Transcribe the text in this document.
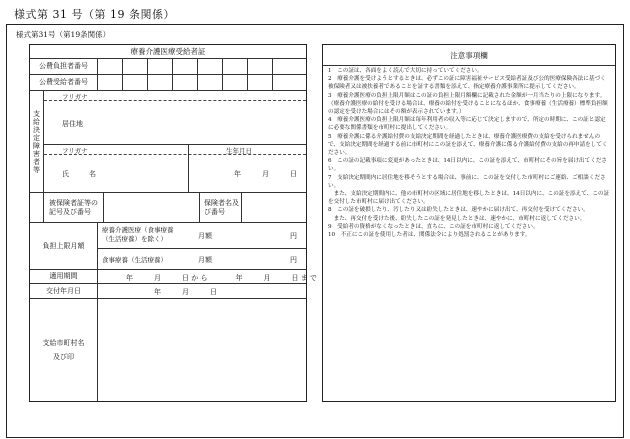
様式第 31 号（第 19 条関係）
様式第31号（第19条関係）
療養介護医療受給者証
公費負担者番号
公費受給者番号
支給決定障害者等
フリガナ
居住地
フリガナ	生年月日
氏　　名	年	月	日
被保険者証等の記号及び番号
保険者名及び番号
負担上限月額
療養介護医療（食事療養（生活療養）を除く）	月額	円
食事療養（生活療養）	月額	円
適用期間	年　　　月　　　日 か ら　　　　年　　　月　　　日 ま で
交付年月日	年　　　月　　　日
支給市町村名
及び印
注意事項欄

1　この証は、各面をよく読んで大切に持っていてください。

2　療養介護を受けようとするときは、必ずこの証に障害福祉サービス受給者証及び公的医療保険各法に基づく被保険者又は被扶養者であることを証する書類を添えて、指定療養介護事業所に提示してください。

3　療養介護医療の負担上限月額はこの証の負担上限月額欄に記載された金額が一月当たりの上限になります。（療養介護医療の給付を受ける場合は、療養の給付を受けることになるほか、食事療養（生活療養）標準負担額の認定を受けた場合にはその額が表示されています。）

4　療養介護医療の負担上限月額は毎年利用者の収入等に応じて決定しますので、所定の時期に、この証と認定に必要な関係書類を市町村に提出してください。

5　療養介護に係る介護給付費の支給決定期間を経過したときは、療養介護医療費の支給を受けられませんので、支給決定期間を経過する前に市町村にこの証を添えて、療養介護に係る介護給付費の支給の再申請をしてください。

6　この証の記載事項に変更があったときは、14日以内に、この証を添えて、市町村にその旨を届け出てください。

7　支給決定期間内に居住地を移そうとする場合は、事前に、この証を交付した市町村にご連絡、ご相談ください。

　また、支給決定期間内に、他の市町村の区域に居住地を移したときは、14日以内に、この証を添えて、この証を交付した市町村に届け出てください。

8　この証を破損したり、汚したり又は紛失したときは、速やかに届け出て、再交付を受けてください。

　また、再交付を受けた後、紛失したこの証を発見したときは、速やかに、市町村に返してください。

9　受給者の資格がなくなったときは、直ちに、この証を市町村に返してください。

10　不正にこの証を使用した者は、関係法令により処罰されることがあります。
